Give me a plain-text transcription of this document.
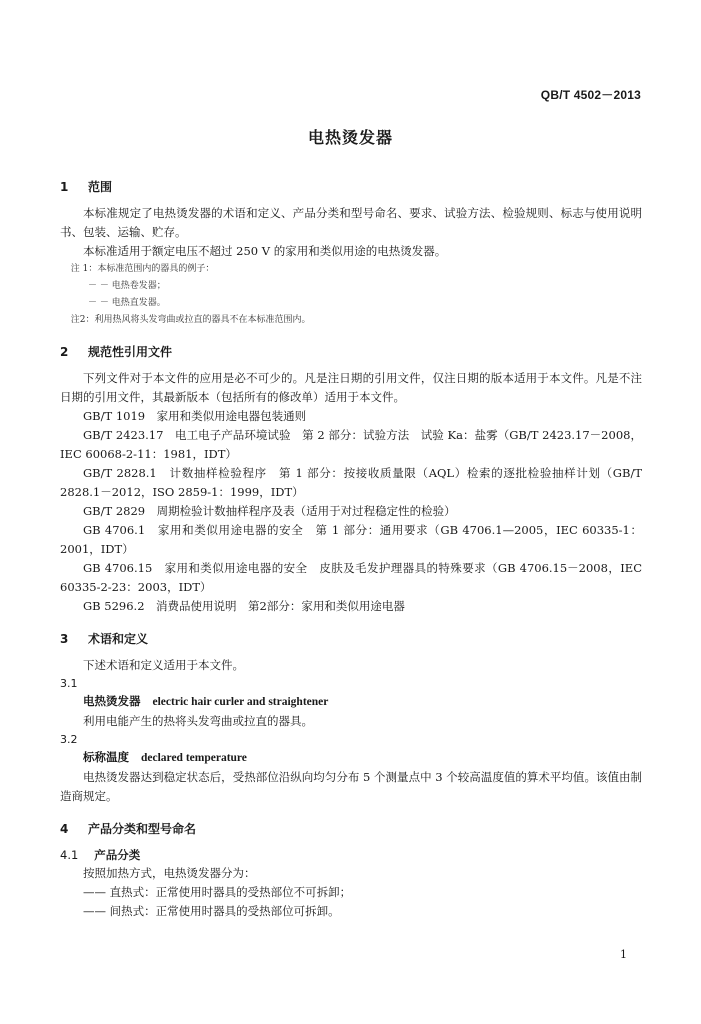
QB/T 4502－2013
电热烫发器
1	范围
本标准规定了电热烫发器的术语和定义、产品分类和型号命名、要求、试验方法、检验规则、标志与使用说明书、包装、运输、贮存。
本标准适用于额定电压不超过 250 V 的家用和类似用途的电热烫发器。
注 1：本标准范围内的器具的例子：
－ － 电热卷发器；
－ － 电热直发器。
注2：利用热风将头发弯曲或拉直的器具不在本标准范围内。
2	规范性引用文件
下列文件对于本文件的应用是必不可少的。凡是注日期的引用文件，仅注日期的版本适用于本文件。凡是不注日期的引用文件，其最新版本（包括所有的修改单）适用于本文件。
GB/T 1019　家用和类似用途电器包装通则
GB/T 2423.17　电工电子产品环境试验　第 2 部分：试验方法　试验 Ka：盐雾（GB/T 2423.17－2008，IEC 60068-2-11：1981，IDT）
GB/T 2828.1　计数抽样检验程序　第 1 部分：按接收质量限（AQL）检索的逐批检验抽样计划（GB/T 2828.1－2012，ISO 2859-1：1999，IDT）
GB/T 2829　周期检验计数抽样程序及表（适用于对过程稳定性的检验）
GB 4706.1　家用和类似用途电器的安全　第 1 部分：通用要求（GB 4706.1—2005，IEC 60335-1：2001，IDT）
GB 4706.15　家用和类似用途电器的安全　皮肤及毛发护理器具的特殊要求（GB 4706.15－2008，IEC 60335-2-23：2003，IDT）
GB 5296.2　消费品使用说明　第2部分：家用和类似用途电器
3	术语和定义
下述术语和定义适用于本文件。
3.1
电热烫发器 electric hair curler and straightener
利用电能产生的热将头发弯曲或拉直的器具。
3.2
标称温度 declared temperature
电热烫发器达到稳定状态后，受热部位沿纵向均匀分布 5 个测量点中 3 个较高温度值的算术平均值。该值由制造商规定。
4	产品分类和型号命名
4.1 产品分类
按照加热方式，电热烫发器分为：
—— 直热式：正常使用时器具的受热部位不可拆卸；
—— 间热式：正常使用时器具的受热部位可拆卸。
1
